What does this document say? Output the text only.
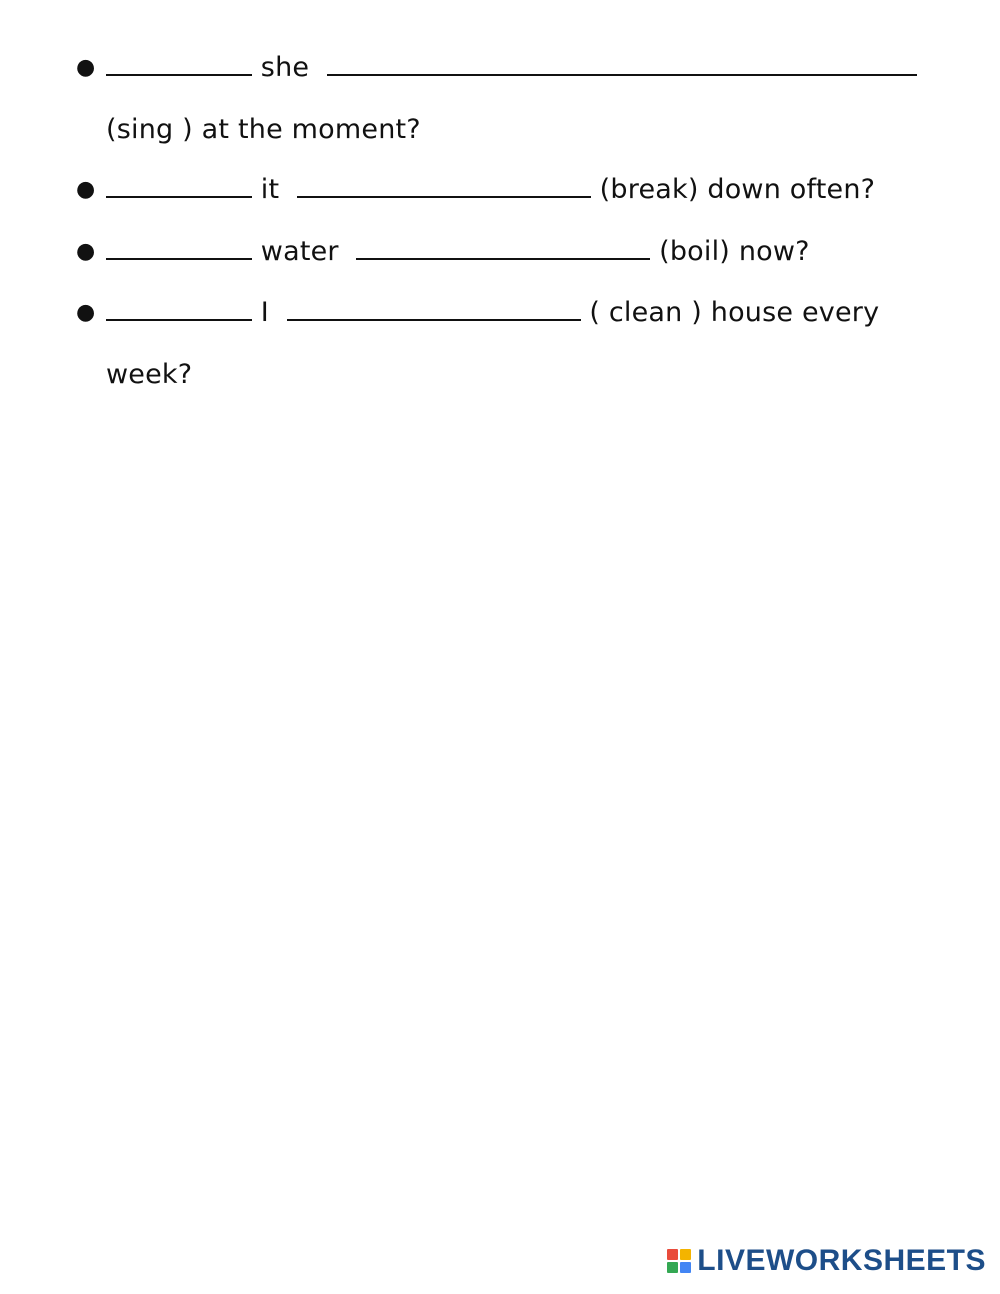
●	she
(sing ) at the moment?
●	it	(break) down often?
●	water	(boil) now?
●	I	( clean ) house every
week?
LIVEWORKSHEETS
